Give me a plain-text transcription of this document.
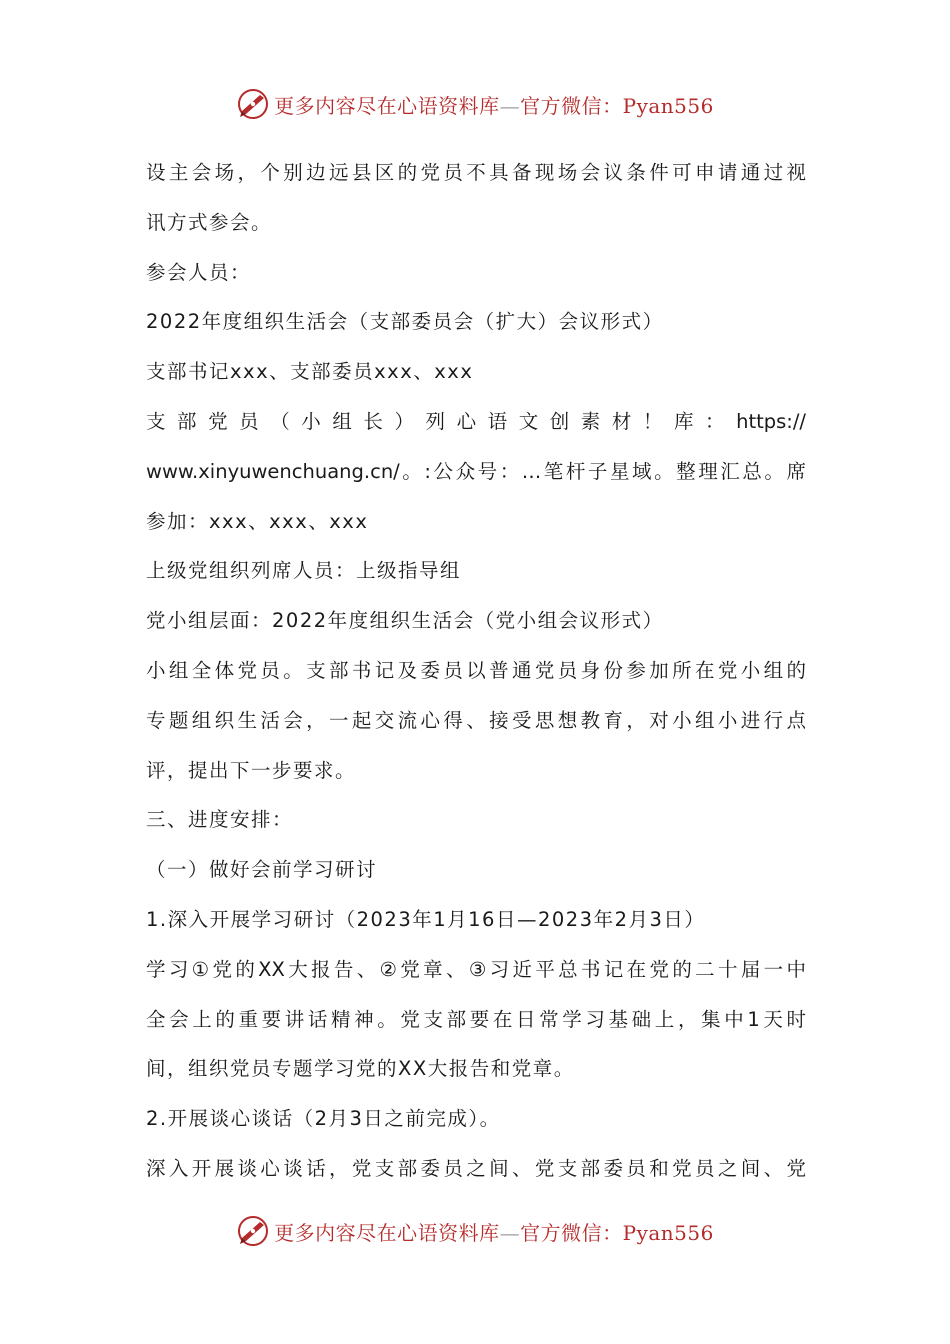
更多内容尽在心语资料库—官方微信：Pyan556
设主会场，个别边远县区的党员不具备现场会议条件可申请通过视
讯方式参会。
参会人员：
2022年度组织生活会（支部委员会（扩大）会议形式）
支部书记xxx、支部委员xxx、xxx
支部党员（小组长）列心语文创素材！库：https://
www.xinyuwenchuang.cn/。:公众号：…笔杆子星域。整理汇总。席
参加：xxx、xxx、xxx
上级党组织列席人员：上级指导组
党小组层面：2022年度组织生活会（党小组会议形式）
小组全体党员。支部书记及委员以普通党员身份参加所在党小组的
专题组织生活会，一起交流心得、接受思想教育，对小组小进行点
评，提出下一步要求。
三、进度安排：
（一）做好会前学习研讨
1.深入开展学习研讨（2023年1月16日—2023年2月3日）
学习①党的XX大报告、②党章、③习近平总书记在党的二十届一中
全会上的重要讲话精神。党支部要在日常学习基础上，集中1天时
间，组织党员专题学习党的XX大报告和党章。
2.开展谈心谈话（2月3日之前完成）。
深入开展谈心谈话，党支部委员之间、党支部委员和党员之间、党
更多内容尽在心语资料库—官方微信：Pyan556
